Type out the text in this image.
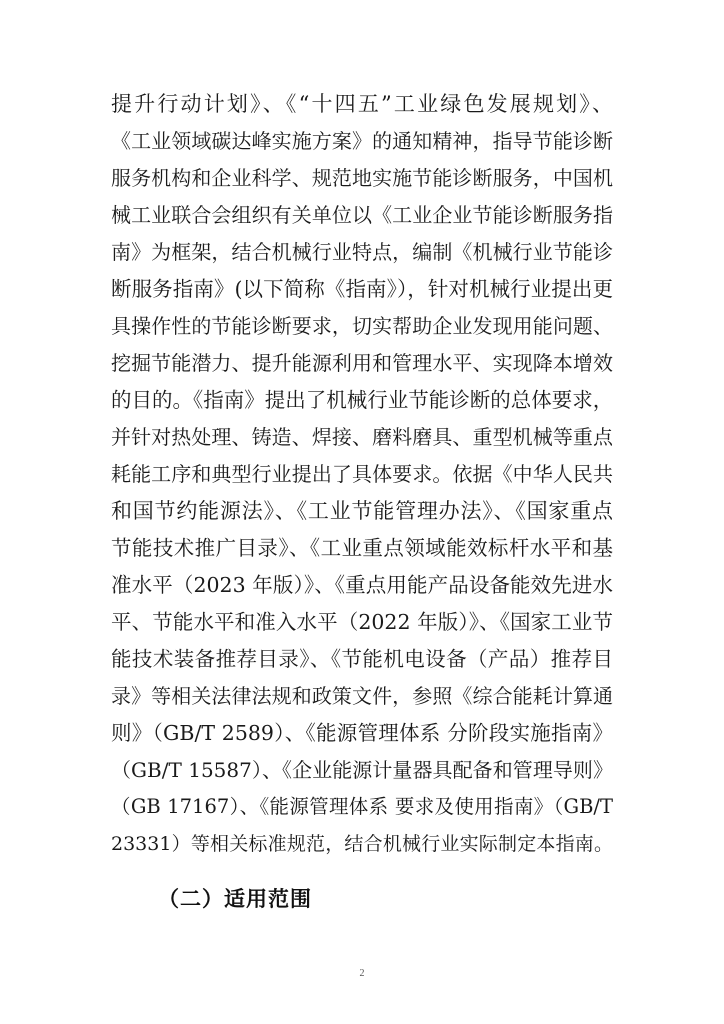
提升行动计划》、《“十四五”工业绿色发展规划》、
《工业领域碳达峰实施方案》的通知精神，指导节能诊断
服务机构和企业科学、规范地实施节能诊断服务，中国机
械工业联合会组织有关单位以《工业企业节能诊断服务指
南》为框架，结合机械行业特点，编制《机械行业节能诊
断服务指南》(以下简称《指南》），针对机械行业提出更
具操作性的节能诊断要求，切实帮助企业发现用能问题、
挖掘节能潜力、提升能源利用和管理水平、实现降本增效
的目的。《指南》提出了机械行业节能诊断的总体要求，
并针对热处理、铸造、焊接、磨料磨具、重型机械等重点
耗能工序和典型行业提出了具体要求。依据《中华人民共
和国节约能源法》、《工业节能管理办法》、《国家重点
节能技术推广目录》、《工业重点领域能效标杆水平和基
准水平（2023 年版）》、《重点用能产品设备能效先进水
平、节能水平和准入水平（2022 年版）》、《国家工业节
能技术装备推荐目录》、《节能机电设备（产品）推荐目
录》等相关法律法规和政策文件，参照《综合能耗计算通
则》（GB/T 2589）、《能源管理体系 分阶段实施指南》
（GB/T 15587）、《企业能源计量器具配备和管理导则》
（GB 17167）、《能源管理体系 要求及使用指南》（GB/T
23331）等相关标准规范，结合机械行业实际制定本指南。
（二）适用范围
2
